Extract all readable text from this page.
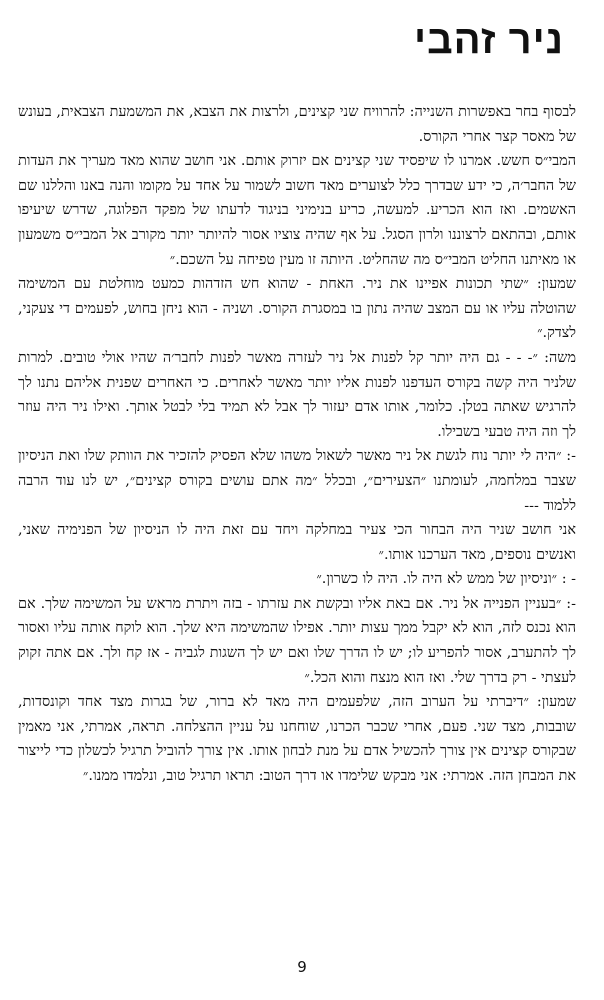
ניר זהבי

לבסוף בחר באפשרות השנייה: להרוויח שני קצינים, ולרצות את הצבא, את המשמעת הצבאית, בעונש של מאסר קצר אחרי הקורס.

המבי״ס חשש. אמרנו לו שיפסיד שני קצינים אם יזרוק אותם. אני חושב שהוא מאד מעריך את העדות של החבר׳ה, כי ידע שבדרך כלל לצוערים מאד חשוב לשמור על אחד על מקומו והנה באנו והללנו שם האשמים. ואז הוא הכריע. למעשה, כריע בנימיני בניגוד לדעתו של מפקד הפלוגה, שדרש שיעיפו אותם, ובהתאם לרצוננו ולרון הסגל. על אף שהיה צוציו אסור להיותר יותר מקורב אל המבי״ס משמעון או מאיתנו החליט המבי״ס מה שהחליט. היותה זו מעין טפיחה על השכם.״

שמעון: ״שתי תכונות אפיינו את ניר. האחת - שהוא חש הזדהות כמעט מוחלטת עם המשימה שהוטלה עליו או עם המצב שהיה נתון בו במסגרת הקורס. ושניה - הוא ניחן בחוש, לפעמים די צעקני, לצדק.״

משה: ״- - - גם היה יותר קל לפנות אל ניר לעזרה מאשר לפנות לחבר׳ה שהיו אולי טובים. למרות שלניר היה קשה בקורס העדפנו לפנות אליו יותר מאשר לאחרים. כי האחרים שפנית אליהם נתנו לך להרגיש שאתה בטלן. כלומר, אותו אדם יעזור לך אבל לא תמיד בלי לבטל אותך. ואילו ניר היה עוזר לך וזה היה טבעי בשבילו.

-: ״היה לי יותר נוח לגשת אל ניר מאשר לשאול משהו שלא הפסיק להזכיר את הוותק שלו ואת הניסיון שצבר במלחמה, לעומתנו ״הצעירים״, ובכלל ״מה אתם עושים בקורס קצינים״, יש לנו עוד הרבה ללמוד ---

אני חושב שניר היה הבחור הכי צעיר במחלקה ויחד עם זאת היה לו הניסיון של הפנימיה שאני, ואנשים נוספים, מאד הערכנו אותו.״

- : ״וניסיון של ממש לא היה לו. היה לו כשרון.״

-: ״בעניין הפנייה אל ניר. אם באת אליו ובקשת את עזרתו - בזה ויתרת מראש על המשימה שלך. אם הוא נכנס לזה, הוא לא יקבל ממך עצות יותר. אפילו שהמשימה היא שלך. הוא לוקח אותה עליו ואסור לך להתערב, אסור להפריע לו; יש לו הדרך שלו ואם יש לך השגות לגביה - אז קח ולך. אם אתה זקוק לעצתי - רק בדרך שלי. ואז הוא מנצח והוא הכל.״

שמעון: ״דיברתי על הערוב הזה, שלפעמים היה מאד לא ברור, של בגרות מצד אחד וקונסדות, שובבות, מצד שני. פעם, אחרי שכבר הכרנו, שוחחנו על עניין ההצלחה. תראה, אמרתי, אני מאמין שבקורס קצינים אין צורך להכשיל אדם על מנת לבחון אותו. אין צורך להוביל תרגיל לכשלון כדי לייצור את המבחן הזה. אמרתי: אני מבקש שלימדו או דרך הטוב: תראו תרגיל טוב, ונלמדו ממנו.״

9
